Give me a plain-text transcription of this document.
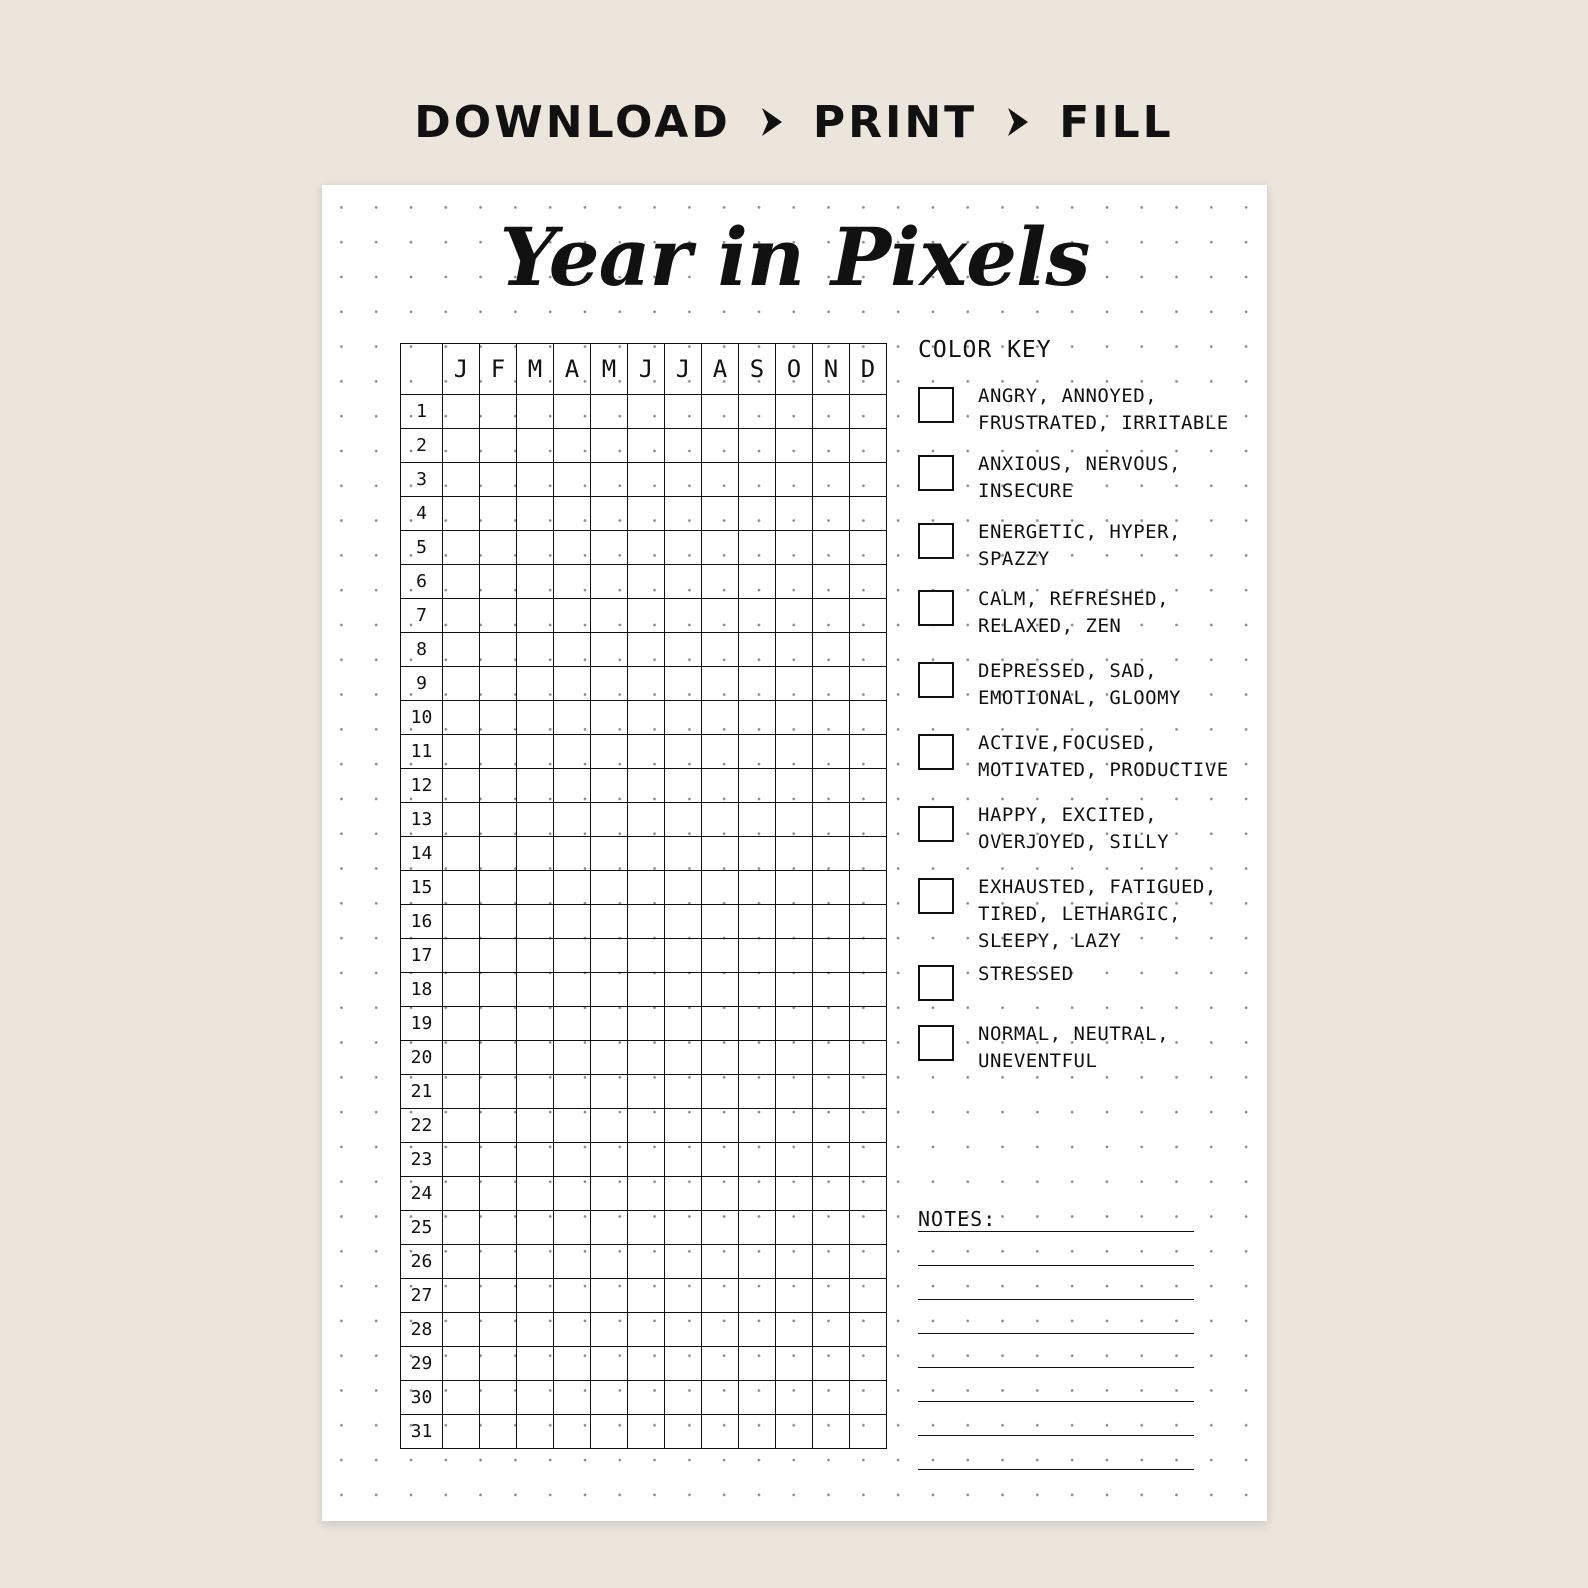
DOWNLOAD PRINT FILL
Year in Pixels
	J	F	M	A	M	J	J	A	S	O	N	D
1												
2												
3												
4												
5												
6												
7												
8												
9												
10												
11												
12												
13												
14												
15												
16												
17												
18												
19												
20												
21												
22												
23												
24												
25												
26												
27												
28												
29												
30												
31												
COLOR KEY
ANGRY, ANNOYED,
FRUSTRATED, IRRITABLE
ANXIOUS, NERVOUS,
INSECURE
ENERGETIC, HYPER,
SPAZZY
CALM, REFRESHED,
RELAXED, ZEN
DEPRESSED, SAD,
EMOTIONAL, GLOOMY
ACTIVE,FOCUSED,
MOTIVATED, PRODUCTIVE
HAPPY, EXCITED,
OVERJOYED, SILLY
EXHAUSTED, FATIGUED,
TIRED, LETHARGIC,
SLEEPY, LAZY
STRESSED
NORMAL, NEUTRAL,
UNEVENTFUL
NOTES:
